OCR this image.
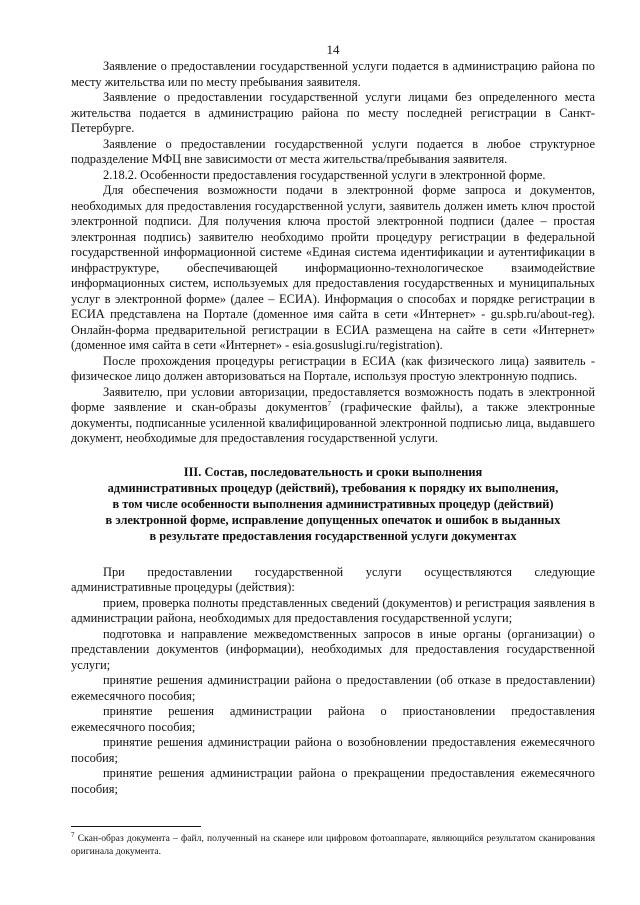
14

Заявление о предоставлении государственной услуги подается в администрацию района по месту жительства или по месту пребывания заявителя.

Заявление о предоставлении государственной услуги лицами без определенного места жительства подается в администрацию района по месту последней регистрации в Санкт-Петербурге.

Заявление о предоставлении государственной услуги подается в любое структурное подразделение МФЦ вне зависимости от места жительства/пребывания заявителя.

2.18.2. Особенности предоставления государственной услуги в электронной форме.

Для обеспечения возможности подачи в электронной форме запроса и документов, необходимых для предоставления государственной услуги, заявитель должен иметь ключ простой электронной подписи. Для получения ключа простой электронной подписи (далее – простая электронная подпись) заявителю необходимо пройти процедуру регистрации в федеральной государственной информационной системе «Единая система идентификации и аутентификации в инфраструктуре, обеспечивающей информационно-технологическое взаимодействие информационных систем, используемых для предоставления государственных и муниципальных услуг в электронной форме» (далее – ЕСИА). Информация о способах и порядке регистрации в ЕСИА представлена на Портале (доменное имя сайта в сети «Интернет» - gu.spb.ru/about-reg). Онлайн-форма предварительной регистрации в ЕСИА размещена на сайте в сети «Интернет» (доменное имя сайта в сети «Интернет» - esia.gosuslugi.ru/registration).

После прохождения процедуры регистрации в ЕСИА (как физического лица) заявитель - физическое лицо должен авторизоваться на Портале, используя простую электронную подпись.

Заявителю, при условии авторизации, предоставляется возможность подать в электронной форме заявление и скан-образы документов$^7$ (графические файлы), а также электронные документы, подписанные усиленной квалифицированной электронной подписью лица, выдавшего документ, необходимые для предоставления государственной услуги.

III. Состав, последовательность и сроки выполнения
административных процедур (действий), требования к порядку их выполнения,
в том числе особенности выполнения административных процедур (действий)
в электронной форме, исправление допущенных опечаток и ошибок в выданных
в результате предоставления государственной услуги документах

При предоставлении государственной услуги осуществляются следующие административные процедуры (действия):

прием, проверка полноты представленных сведений (документов) и регистрация заявления в администрации района, необходимых для предоставления государственной услуги;

подготовка и направление межведомственных запросов в иные органы (организации) о представлении документов (информации), необходимых для предоставления государственной услуги;

принятие решения администрации района о предоставлении (об отказе в предоставлении) ежемесячного пособия;

принятие решения администрации района о приостановлении предоставления ежемесячного пособия;

принятие решения администрации района о возобновлении предоставления ежемесячного пособия;

принятие решения администрации района о прекращении предоставления ежемесячного пособия;

$^7$ Скан-образ документа – файл, полученный на сканере или цифровом фотоаппарате, являющийся результатом сканирования оригинала документа.
